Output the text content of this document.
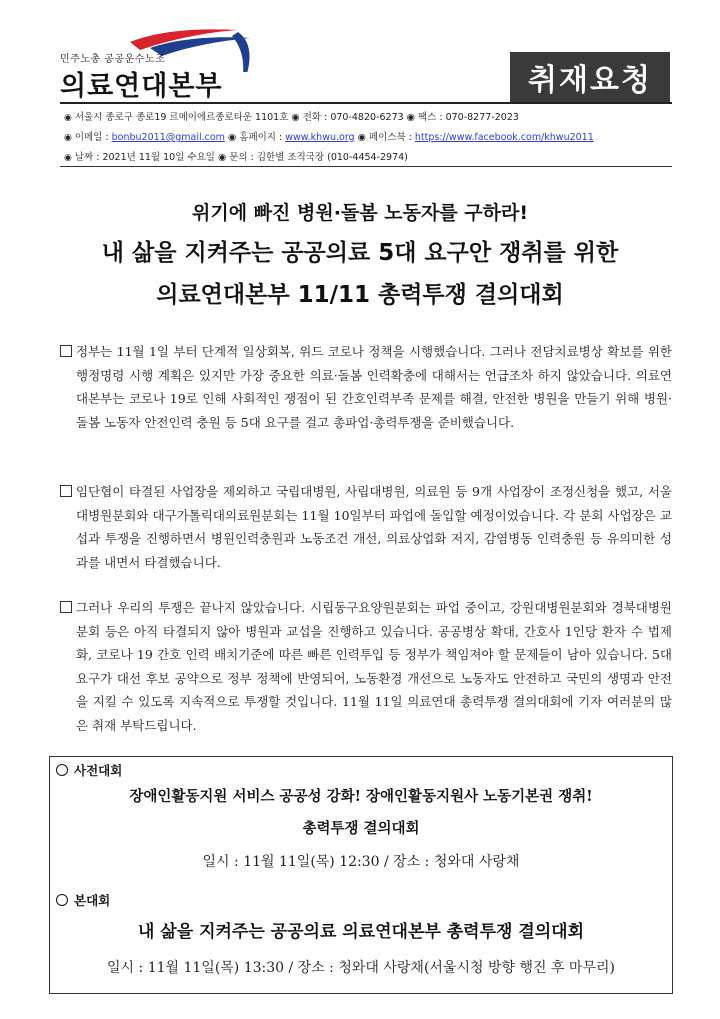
민주노총 공공운수노조
의료연대본부	취재요청
◉ 서울시 종로구 종로19 르메이에르종로타운 1101호 ◉ 전화 : 070-4820-6273 ◉ 팩스 : 070-8277-2023
◉ 이메일 : bonbu2011@gmail.com ◉ 홈페이지 : www.khwu.org ◉ 페이스북 : https://www.facebook.com/khwu2011
◉ 날짜 : 2021년 11월 10일 수요일 ◉ 문의 : 김한별 조직국장 (010-4454-2974)
위기에 빠진 병원·돌봄 노동자를 구하라!
내 삶을 지켜주는 공공의료 5대 요구안 쟁취를 위한
의료연대본부 11/11 총력투쟁 결의대회
정부는 11월 1일 부터 단계적 일상회복, 위드 코로나 정책을 시행했습니다. 그러나 전담치료병상 확보를 위한 행정명령 시행 계획은 있지만 가장 중요한 의료·돌봄 인력확충에 대해서는 언급조차 하지 않았습니다. 의료연대본부는 코로나 19로 인해 사회적인 쟁점이 된 간호인력부족 문제를 해결, 안전한 병원을 만들기 위해 병원·돌봄 노동자 안전인력 충원 등 5대 요구를 걸고 총파업·총력투쟁을 준비했습니다.
임단협이 타결된 사업장을 제외하고 국립대병원, 사립대병원, 의료원 등 9개 사업장이 조정신청을 했고, 서울대병원분회와 대구가톨릭대의료원분회는 11월 10일부터 파업에 돌입할 예정이었습니다. 각 분회 사업장은 교섭과 투쟁을 진행하면서 병원인력충원과 노동조건 개선, 의료상업화 저지, 감염병동 인력충원 등 유의미한 성과를 내면서 타결했습니다.
그러나 우리의 투쟁은 끝나지 않았습니다. 시립동구요양원분회는 파업 중이고, 강원대병원분회와 경북대병원분회 등은 아직 타결되지 않아 병원과 교섭을 진행하고 있습니다. 공공병상 확대, 간호사 1인당 환자 수 법제화, 코로나 19 간호 인력 배치기준에 따른 빠른 인력투입 등 정부가 책임져야 할 문제들이 남아 있습니다. 5대요구가 대선 후보 공약으로 정부 정책에 반영되어, 노동환경 개선으로 노동자도 안전하고 국민의 생명과 안전을 지킬 수 있도록 지속적으로 투쟁할 것입니다. 11월 11일 의료연대 총력투쟁 결의대회에 기자 여러분의 많은 취재 부탁드립니다.
사전대회
장애인활동지원 서비스 공공성 강화! 장애인활동지원사 노동기본권 쟁취!
총력투쟁 결의대회
일시 : 11월 11일(목) 12:30 / 장소 : 청와대 사랑채
본대회
내 삶을 지켜주는 공공의료 의료연대본부 총력투쟁 결의대회
일시 : 11월 11일(목) 13:30 / 장소 : 청와대 사랑채(서울시청 방향 행진 후 마무리)
